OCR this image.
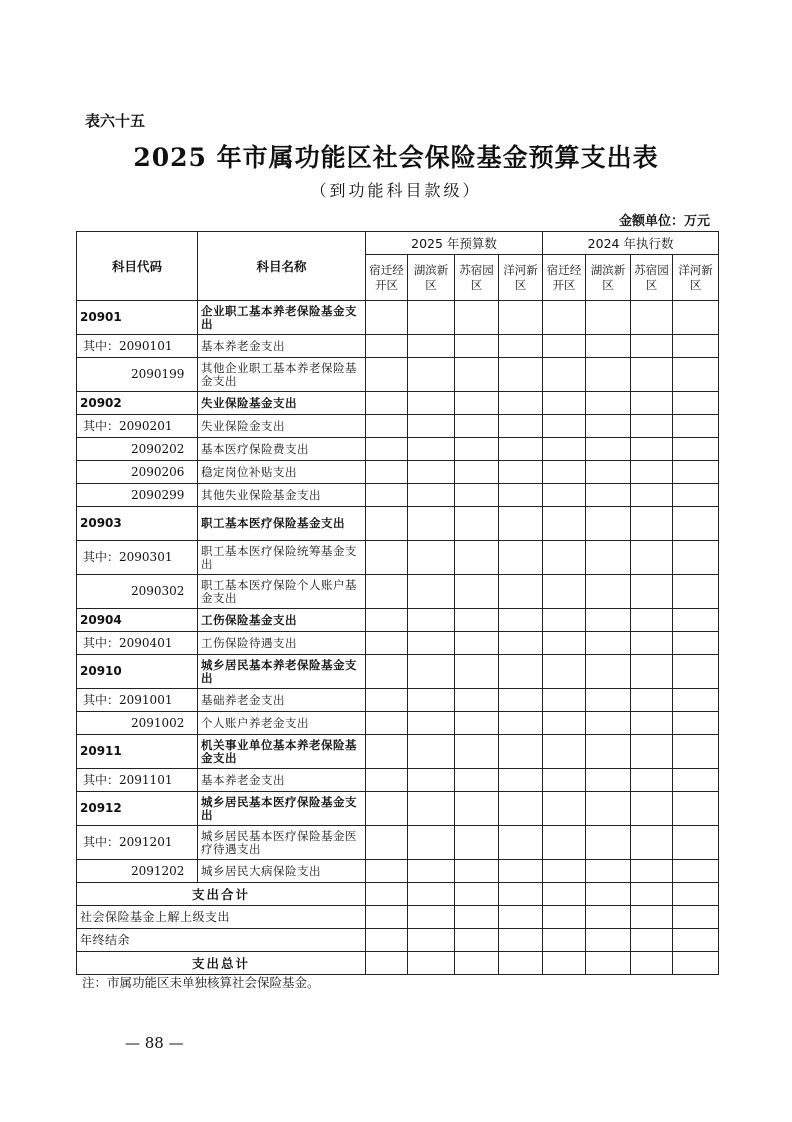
表六十五
2025 年市属功能区社会保险基金预算支出表
（到功能科目款级）
金额单位：万元
科目代码	科目名称	2025 年预算数				2024 年执行数			
		宿迁经开区	湖滨新区	苏宿园区	洋河新区	宿迁经开区	湖滨新区	苏宿园区	洋河新区
20901	企业职工基本养老保险基金支出								
其中：2090101	基本养老金支出								
2090199	其他企业职工基本养老保险基金支出								
20902	失业保险基金支出								
其中：2090201	失业保险金支出								
2090202	基本医疗保险费支出								
2090206	稳定岗位补贴支出								
2090299	其他失业保险基金支出								
20903	职工基本医疗保险基金支出								
其中：2090301	职工基本医疗保险统筹基金支出								
2090302	职工基本医疗保险个人账户基金支出								
20904	工伤保险基金支出								
其中：2090401	工伤保险待遇支出								
20910	城乡居民基本养老保险基金支出								
其中：2091001	基础养老金支出								
2091002	个人账户养老金支出								
20911	机关事业单位基本养老保险基金支出								
其中：2091101	基本养老金支出								
20912	城乡居民基本医疗保险基金支出								
其中：2091201	城乡居民基本医疗保险基金医疗待遇支出								
2091202	城乡居民大病保险支出								
支出合计									
社会保险基金上解上级支出									
年终结余									
支出总计									
注：市属功能区未单独核算社会保险基金。
— 88 —
